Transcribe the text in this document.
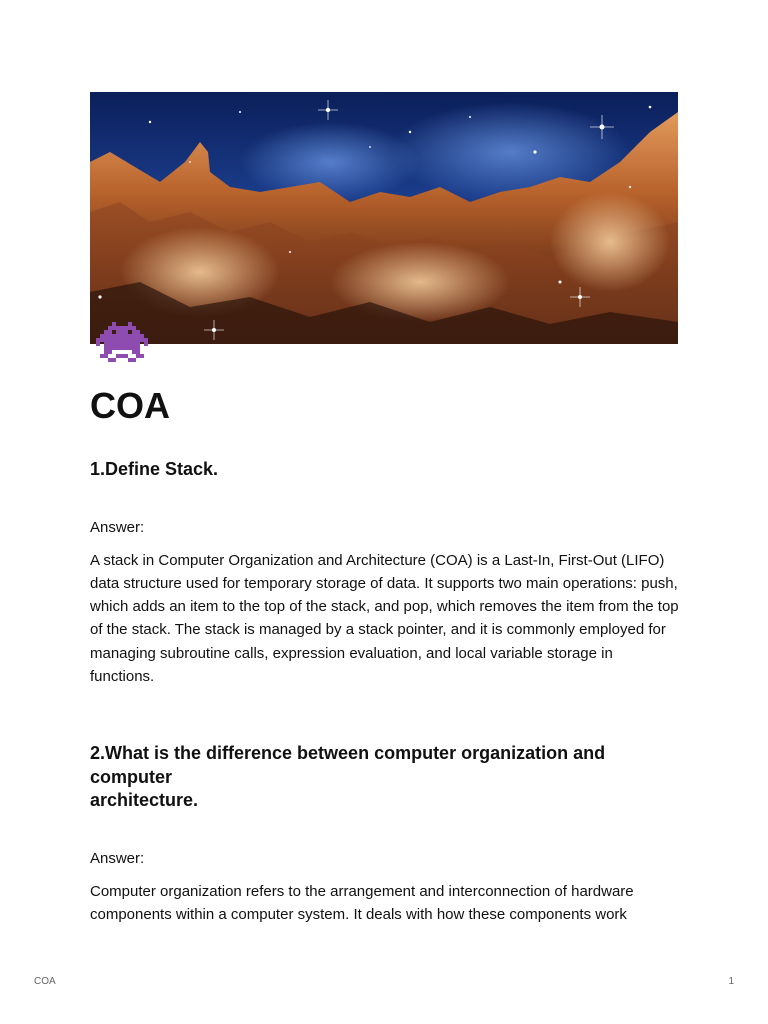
COA
1.Define Stack.

Answer:

A stack in Computer Organization and Architecture (COA) is a Last-In, First-Out (LIFO) data structure used for temporary storage of data. It supports two main operations: push, which adds an item to the top of the stack, and pop, which removes the item from the top of the stack. The stack is managed by a stack pointer, and it is commonly employed for managing subroutine calls, expression evaluation, and local variable storage in functions.

2.What is the difference between computer organization and computer
architecture.

Answer:

Computer organization refers to the arrangement and interconnection of hardware components within a computer system. It deals with how these components work

COA	1
